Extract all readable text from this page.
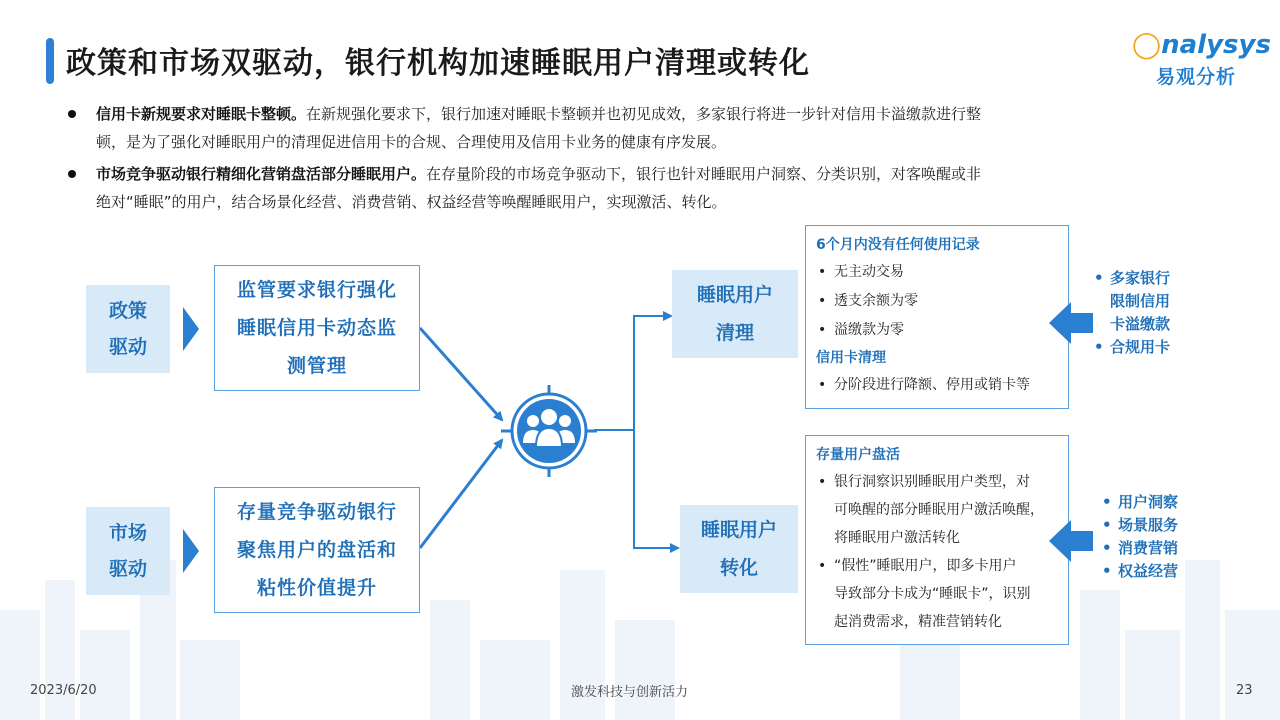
政策和市场双驱动，银行机构加速睡眠用户清理或转化
◯nalysys
易观分析
信用卡新规要求对睡眠卡整顿。在新规强化要求下，银行加速对睡眠卡整顿并也初见成效，多家银行将进一步针对信用卡溢缴款进行整
顿，是为了强化对睡眠用户的清理促进信用卡的合规、合理使用及信用卡业务的健康有序发展。
市场竞争驱动银行精细化营销盘活部分睡眠用户。在存量阶段的市场竞争驱动下，银行也针对睡眠用户洞察、分类识别，对客唤醒或非
绝对“睡眠”的用户，结合场景化经营、消费营销、权益经营等唤醒睡眠用户，实现激活、转化。
政策
驱动
市场
驱动
监管要求银行强化
睡眠信用卡动态监
测管理
存量竞争驱动银行
聚焦用户的盘活和
粘性价值提升
睡眠用户
清理
睡眠用户
转化
6个月内没有任何使用记录
• 无主动交易
• 透支余额为零
• 溢缴款为零
信用卡清理
• 分阶段进行降额、停用或销卡等
存量用户盘活
• 银行洞察识别睡眠用户类型，对
可唤醒的部分睡眠用户激活唤醒，
将睡眠用户激活转化
• “假性”睡眠用户，即多卡用户
导致部分卡成为“睡眠卡”，识别
起消费需求，精准营销转化
• 多家银行
限制信用
卡溢缴款
• 合规用卡
• 用户洞察
• 场景服务
• 消费营销
• 权益经营
2023/6/20	激发科技与创新活力	23
